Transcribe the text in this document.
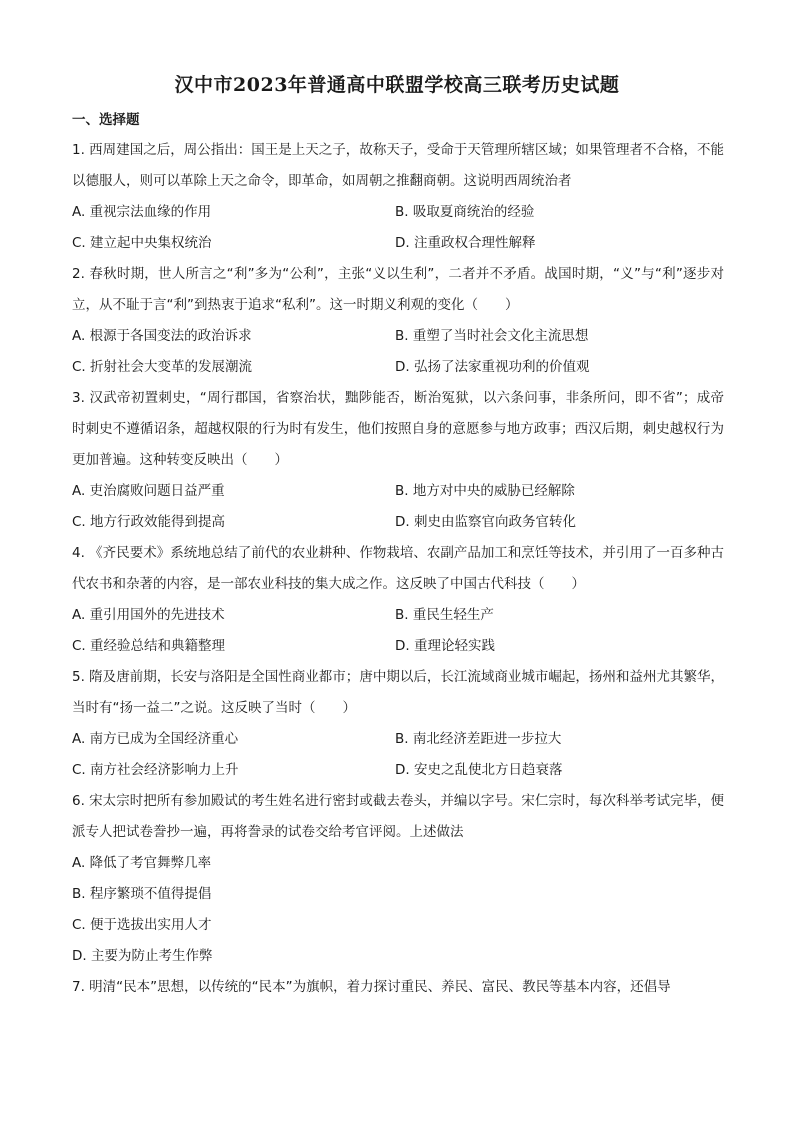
汉中市2023年普通高中联盟学校高三联考历史试题
一、选择题
1. 西周建国之后，周公指出：国王是上天之子，故称天子，受命于天管理所辖区域；如果管理者不合格，不能以德服人，则可以革除上天之命令，即革命，如周朝之推翻商朝。这说明西周统治者
A. 重视宗法血缘的作用	B. 吸取夏商统治的经验
C. 建立起中央集权统治	D. 注重政权合理性解释
2. 春秋时期，世人所言之“利”多为“公利”，主张“义以生利”，二者并不矛盾。战国时期，“义”与“利”逐步对立，从不耻于言“利”到热衷于追求“私利”。这一时期义利观的变化（　　）
A. 根源于各国变法的政治诉求	B. 重塑了当时社会文化主流思想
C. 折射社会大变革的发展潮流	D. 弘扬了法家重视功利的价值观
3. 汉武帝初置刺史，“周行郡国，省察治状，黜陟能否，断治冤狱，以六条问事，非条所问，即不省”；成帝时刺史不遵循诏条，超越权限的行为时有发生，他们按照自身的意愿参与地方政事；西汉后期，刺史越权行为更加普遍。这种转变反映出（　　）
A. 吏治腐败问题日益严重	B. 地方对中央的威胁已经解除
C. 地方行政效能得到提高	D. 刺史由监察官向政务官转化
4. 《齐民要术》系统地总结了前代的农业耕种、作物栽培、农副产品加工和烹饪等技术，并引用了一百多种古代农书和杂著的内容，是一部农业科技的集大成之作。这反映了中国古代科技（　　）
A. 重引用国外的先进技术	B. 重民生轻生产
C. 重经验总结和典籍整理	D. 重理论轻实践
5. 隋及唐前期，长安与洛阳是全国性商业都市；唐中期以后，长江流域商业城市崛起，扬州和益州尤其繁华，当时有“扬一益二”之说。这反映了当时（　　）
A. 南方已成为全国经济重心	B. 南北经济差距进一步拉大
C. 南方社会经济影响力上升	D. 安史之乱使北方日趋衰落
6. 宋太宗时把所有参加殿试的考生姓名进行密封或截去卷头，并编以字号。宋仁宗时，每次科举考试完毕，便派专人把试卷誊抄一遍，再将誊录的试卷交给考官评阅。上述做法
A. 降低了考官舞弊几率
B. 程序繁琐不值得提倡
C. 便于选拔出实用人才
D. 主要为防止考生作弊
7. 明清“民本”思想，以传统的“民本”为旗帜，着力探讨重民、养民、富民、教民等基本内容，还倡导
